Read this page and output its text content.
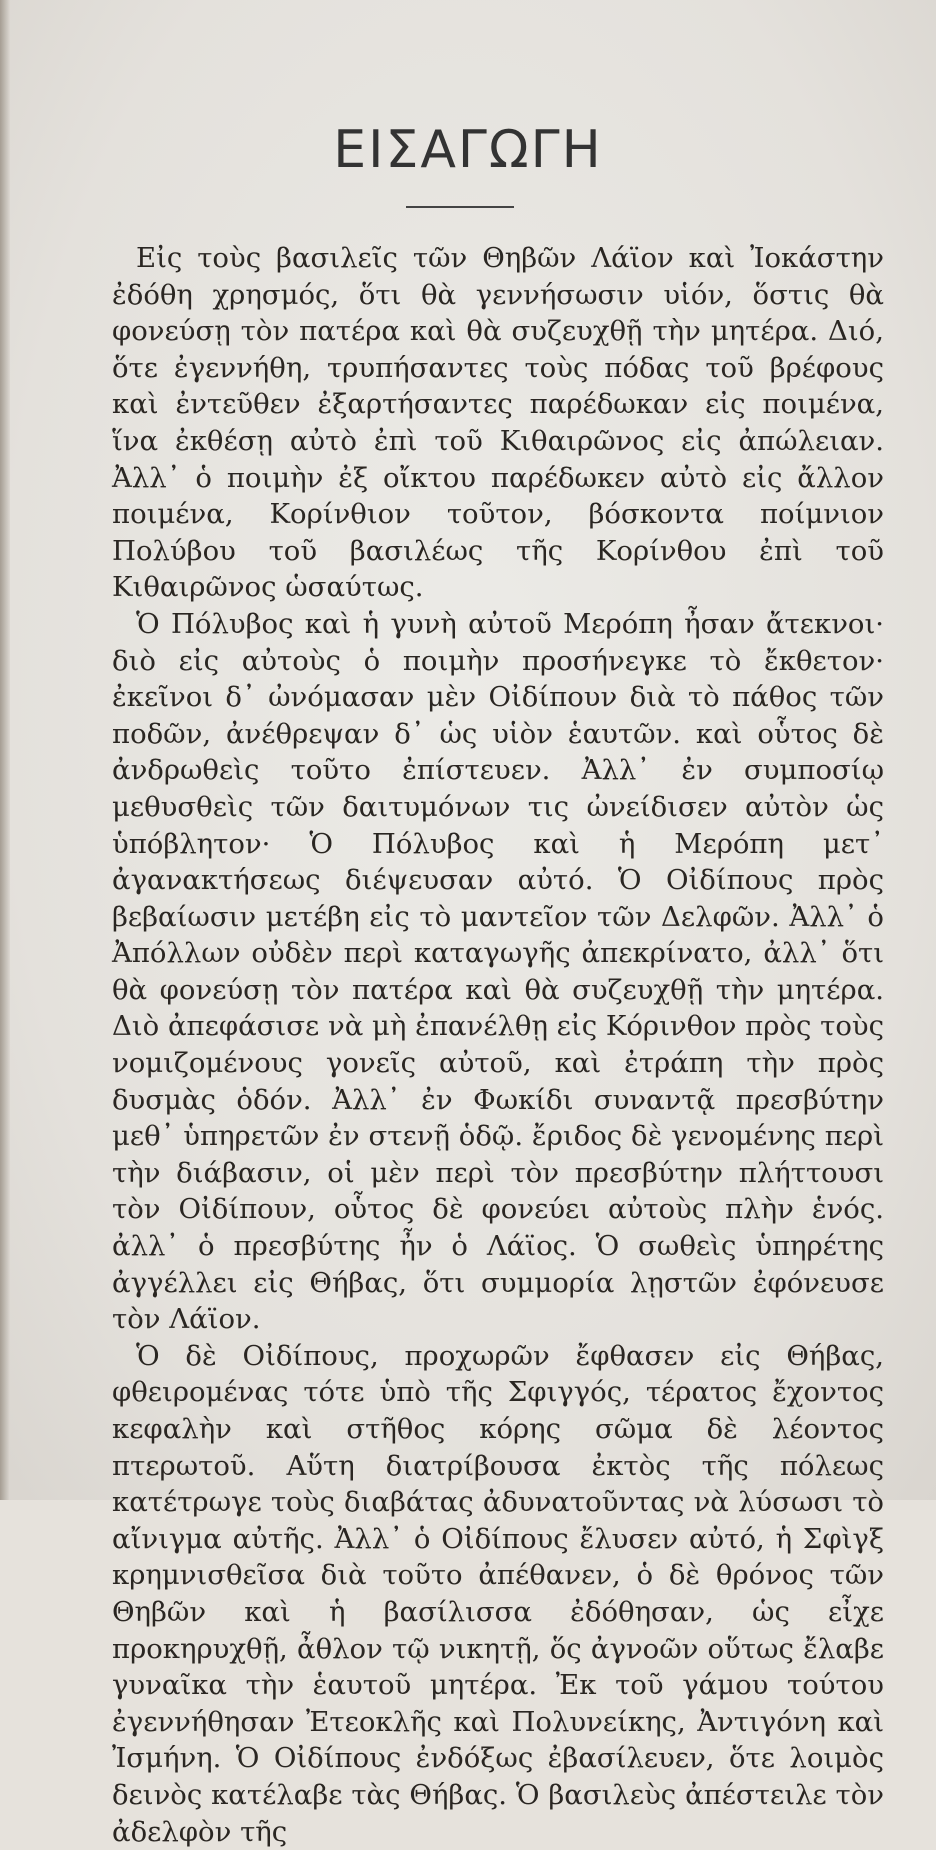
ΕΙΣΑΓΩΓΗ

Εἰς τοὺς βασιλεῖς τῶν Θηβῶν Λάϊον καὶ Ἰοκάστην ἐδόθη χρησμός, ὅτι θὰ γεννήσωσιν υἱόν, ὅστις θὰ φονεύσῃ τὸν πατέρα καὶ θὰ συζευχθῇ τὴν μητέρα. Διό, ὅτε ἐγεννήθη, τρυπήσαντες τοὺς πόδας τοῦ βρέφους καὶ ἐντεῦθεν ἐξαρτήσαντες παρέδωκαν εἰς ποιμένα, ἵνα ἐκθέσῃ αὐτὸ ἐπὶ τοῦ Κιθαιρῶνος εἰς ἀπώλειαν. Ἀλλ᾽ ὁ ποιμὴν ἐξ οἴκτου παρέδωκεν αὐτὸ εἰς ἄλλον ποιμένα, Κορίνθιον τοῦτον, βόσκοντα ποίμνιον Πολύβου τοῦ βασιλέως τῆς Κορίνθου ἐπὶ τοῦ Κιθαιρῶνος ὡσαύτως.

Ὁ Πόλυβος καὶ ἡ γυνὴ αὐτοῦ Μερόπη ἦσαν ἄτεκνοι· διὸ εἰς αὐτοὺς ὁ ποιμὴν προσήνεγκε τὸ ἔκθετον· ἐκεῖνοι δ᾽ ὠνόμασαν μὲν Οἰδίπουν διὰ τὸ πάθος τῶν ποδῶν, ἀνέθρεψαν δ᾽ ὡς υἱὸν ἑαυτῶν. καὶ οὗτος δὲ ἀνδρωθεὶς τοῦτο ἐπίστευεν. Ἀλλ᾽ ἐν συμποσίῳ μεθυσθεὶς τῶν δαιτυμόνων τις ὠνείδισεν αὐτὸν ὡς ὑπόβλητον· Ὁ Πόλυβος καὶ ἡ Μερόπη μετ᾽ ἀγανακτήσεως διέψευσαν αὐτό. Ὁ Οἰδίπους πρὸς βεβαίωσιν μετέβη εἰς τὸ μαντεῖον τῶν Δελφῶν. Ἀλλ᾽ ὁ Ἀπόλλων οὐδὲν περὶ καταγωγῆς ἀπεκρίνατο, ἀλλ᾽ ὅτι θὰ φονεύσῃ τὸν πατέρα καὶ θὰ συζευχθῇ τὴν μητέρα. Διὸ ἀπεφάσισε νὰ μὴ ἐπανέλθῃ εἰς Κόρινθον πρὸς τοὺς νομιζομένους γονεῖς αὐτοῦ, καὶ ἐτράπη τὴν πρὸς δυσμὰς ὁδόν. Ἀλλ᾽ ἐν Φωκίδι συναντᾷ πρεσβύτην μεθ᾽ ὑπηρετῶν ἐν στενῇ ὁδῷ. ἔριδος δὲ γενομένης περὶ τὴν διάβασιν, οἱ μὲν περὶ τὸν πρεσβύτην πλήττουσι τὸν Οἰδίπουν, οὗτος δὲ φονεύει αὐτοὺς πλὴν ἑνός. ἀλλ᾽ ὁ πρεσβύτης ἦν ὁ Λάϊος. Ὁ σωθεὶς ὑπηρέτης ἀγγέλλει εἰς Θήβας, ὅτι συμμορία λῃστῶν ἐφόνευσε τὸν Λάϊον.

Ὁ δὲ Οἰδίπους, προχωρῶν ἔφθασεν εἰς Θήβας, φθειρομένας τότε ὑπὸ τῆς Σφιγγός, τέρατος ἔχοντος κεφαλὴν καὶ στῆθος κόρης σῶμα δὲ λέοντος πτερωτοῦ. Αὕτη διατρίβουσα ἐκτὸς τῆς πόλεως κατέτρωγε τοὺς διαβάτας ἀδυνατοῦντας νὰ λύσωσι τὸ αἴνιγμα αὐτῆς. Ἀλλ᾽ ὁ Οἰδίπους ἔλυσεν αὐτό, ἡ Σφὶγξ κρημνισθεῖσα διὰ τοῦτο ἀπέθανεν, ὁ δὲ θρόνος τῶν Θηβῶν καὶ ἡ βασίλισσα ἐδόθησαν, ὡς εἶχε προκηρυχθῇ, ἆθλον τῷ νικητῇ, ὅς ἀγνοῶν οὕτως ἔλαβε γυναῖκα τὴν ἑαυτοῦ μητέρα. Ἐκ τοῦ γάμου τούτου ἐγεννήθησαν Ἐτεοκλῆς καὶ Πολυνείκης, Ἀντιγόνη καὶ Ἰσμήνη. Ὁ Οἰδίπους ἐνδόξως ἐβασίλευεν, ὅτε λοιμὸς δεινὸς κατέλαβε τὰς Θήβας. Ὁ βασιλεὺς ἀπέστειλε τὸν ἀδελφὸν τῆς
